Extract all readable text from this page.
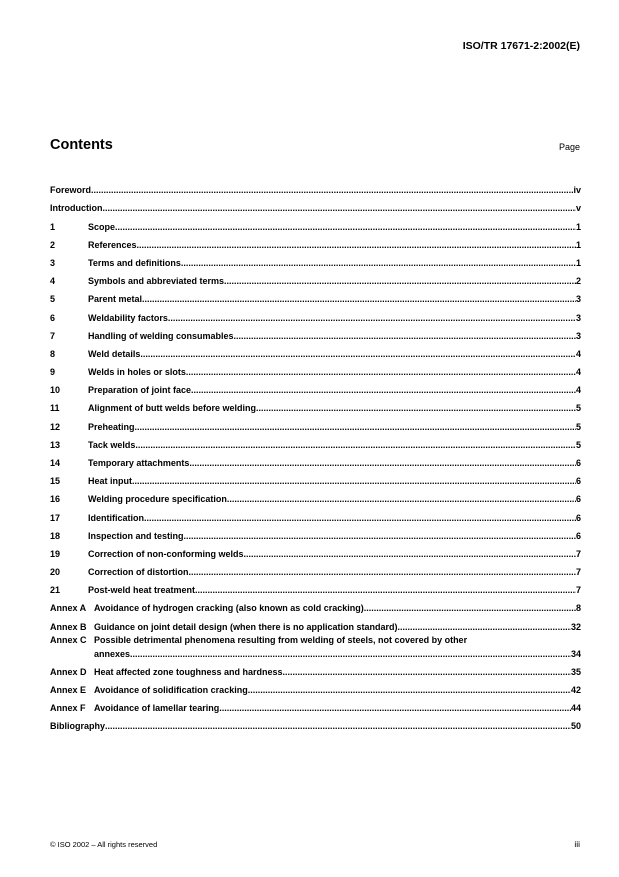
ISO/TR 17671-2:2002(E)
Contents	Page
Foreword .....	iv
Introduction .....	v
1	Scope .....	1
2	References .....	1
3	Terms and definitions .....	1
4	Symbols and abbreviated terms .....	2
5	Parent metal .....	3
6	Weldability factors .....	3
7	Handling of welding consumables .....	3
8	Weld details .....	4
9	Welds in holes or slots .....	4
10	Preparation of joint face .....	4
11	Alignment of butt welds before welding .....	5
12	Preheating .....	5
13	Tack welds .....	5
14	Temporary attachments .....	6
15	Heat input .....	6
16	Welding procedure specification .....	6
17	Identification .....	6
18	Inspection and testing .....	6
19	Correction of non-conforming welds .....	7
20	Correction of distortion .....	7
21	Post-weld heat treatment .....	7
Annex A Avoidance of hydrogen cracking (also known as cold cracking) .....	8
Annex B Guidance on joint detail design (when there is no application standard) .....	32
Annex C Possible detrimental phenomena resulting from welding of steels, not covered by other
annexes .....	34
Annex D Heat affected zone toughness and hardness .....	35
Annex E Avoidance of solidification cracking .....	42
Annex F Avoidance of lamellar tearing .....	44
Bibliography .....	50
© ISO 2002 – All rights reserved	iii
